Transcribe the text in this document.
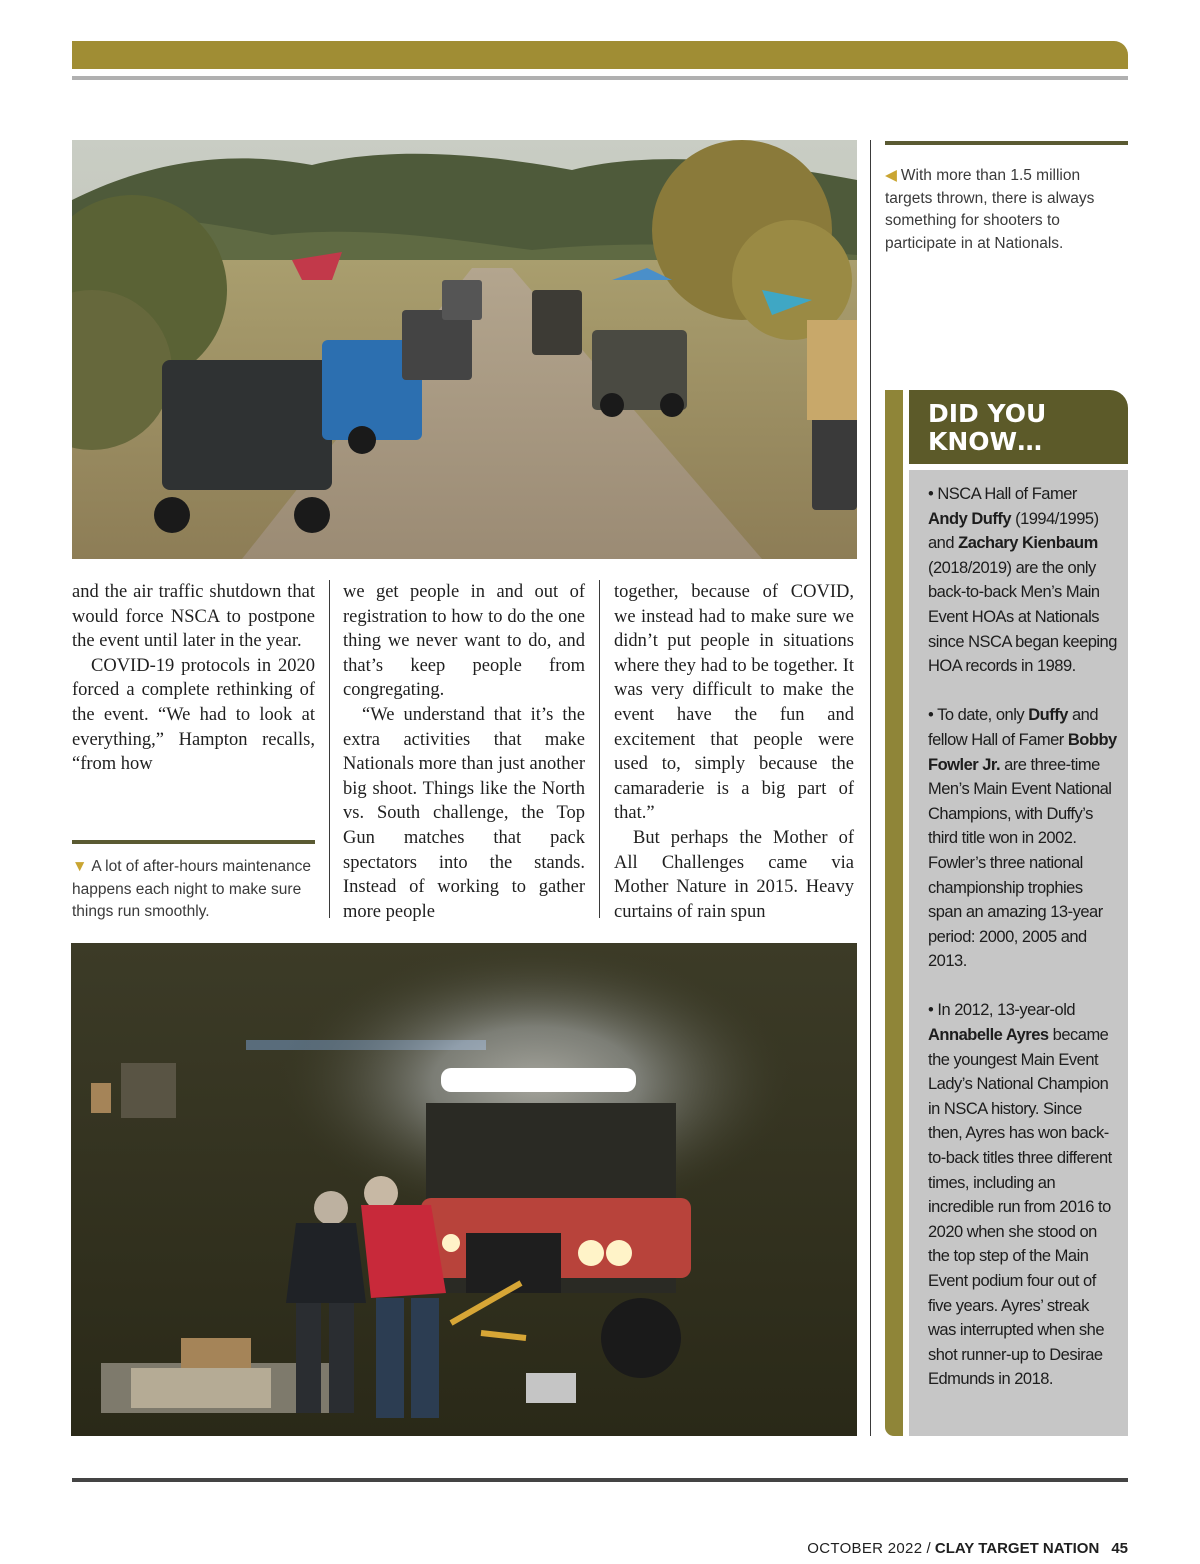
◀ With more than 1.5 million targets thrown, there is always something for shooters to participate in at Nationals.

and the air traffic shutdown that would force NSCA to postpone the event until later in the year.

COVID-19 protocols in 2020 forced a complete rethinking of the event. “We had to look at everything,” Hampton recalls, “from how

we get people in and out of registration to how to do the one thing we never want to do, and that’s keep people from congregating.

“We understand that it’s the extra activities that make Nationals more than just another big shoot. Things like the North vs. South challenge, the Top Gun matches that pack spectators into the stands. Instead of working to gather more people

together, because of COVID, we instead had to make sure we didn’t put people in situations where they had to be together. It was very difficult to make the event have the fun and excitement that people were used to, simply because the camaraderie is a big part of that.”

But perhaps the Mother of All Challenges came via Mother Nature in 2015. Heavy curtains of rain spun

▼ A lot of after-hours maintenance happens each night to make sure things run smoothly.
DID YOU
KNOW…

• NSCA Hall of Famer Andy Duffy (1994/1995) and Zachary Kienbaum (2018/2019) are the only back-to-back Men’s Main Event HOAs at Nationals since NSCA began keeping HOA records in 1989.

• To date, only Duffy and fellow Hall of Famer Bobby Fowler Jr. are three-time Men’s Main Event National Champions, with Duffy’s third title won in 2002. Fowler’s three national championship trophies span an amazing 13-year period: 2000, 2005 and 2013.

• In 2012, 13-year-old Annabelle Ayres became the youngest Main Event Lady’s National Champion in NSCA history. Since then, Ayres has won back-to-back titles three different times, including an incredible run from 2016 to 2020 when she stood on the top step of the Main Event podium four out of five years. Ayres’ streak was interrupted when she shot runner-up to Desirae Edmunds in 2018.

OCTOBER 2022 / CLAY TARGET NATION 45
